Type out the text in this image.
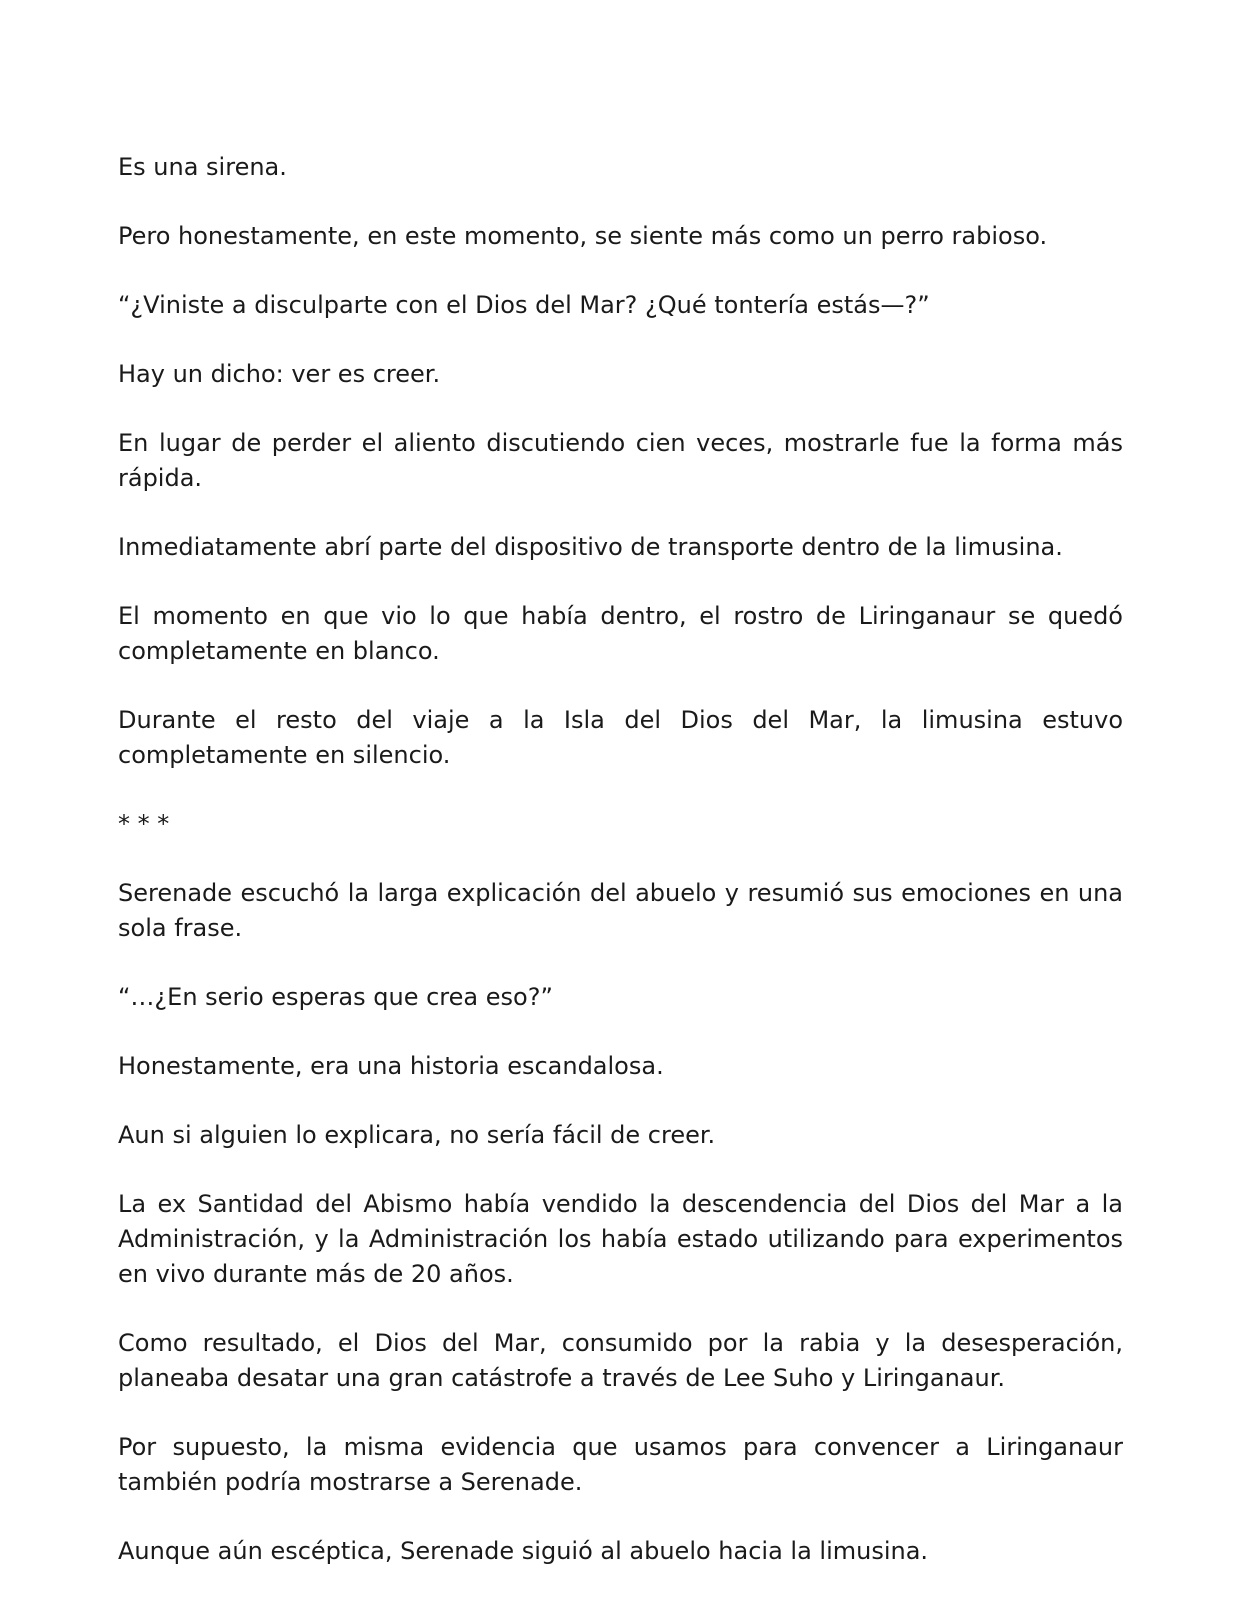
Es una sirena.

Pero honestamente, en este momento, se siente más como un perro rabioso.

“¿Viniste a disculparte con el Dios del Mar? ¿Qué tontería estás—?”

Hay un dicho: ver es creer.

En lugar de perder el aliento discutiendo cien veces, mostrarle fue la forma más rápida.

Inmediatamente abrí parte del dispositivo de transporte dentro de la limusina.

El momento en que vio lo que había dentro, el rostro de Liringanaur se quedó completamente en blanco.

Durante el resto del viaje a la Isla del Dios del Mar, la limusina estuvo completamente en silencio.

* * *

Serenade escuchó la larga explicación del abuelo y resumió sus emociones en una sola frase.

“…¿En serio esperas que crea eso?”

Honestamente, era una historia escandalosa.

Aun si alguien lo explicara, no sería fácil de creer.

La ex Santidad del Abismo había vendido la descendencia del Dios del Mar a la Administración, y la Administración los había estado utilizando para experimentos en vivo durante más de 20 años.

Como resultado, el Dios del Mar, consumido por la rabia y la desesperación, planeaba desatar una gran catástrofe a través de Lee Suho y Liringanaur.

Por supuesto, la misma evidencia que usamos para convencer a Liringanaur también podría mostrarse a Serenade.

Aunque aún escéptica, Serenade siguió al abuelo hacia la limusina.
